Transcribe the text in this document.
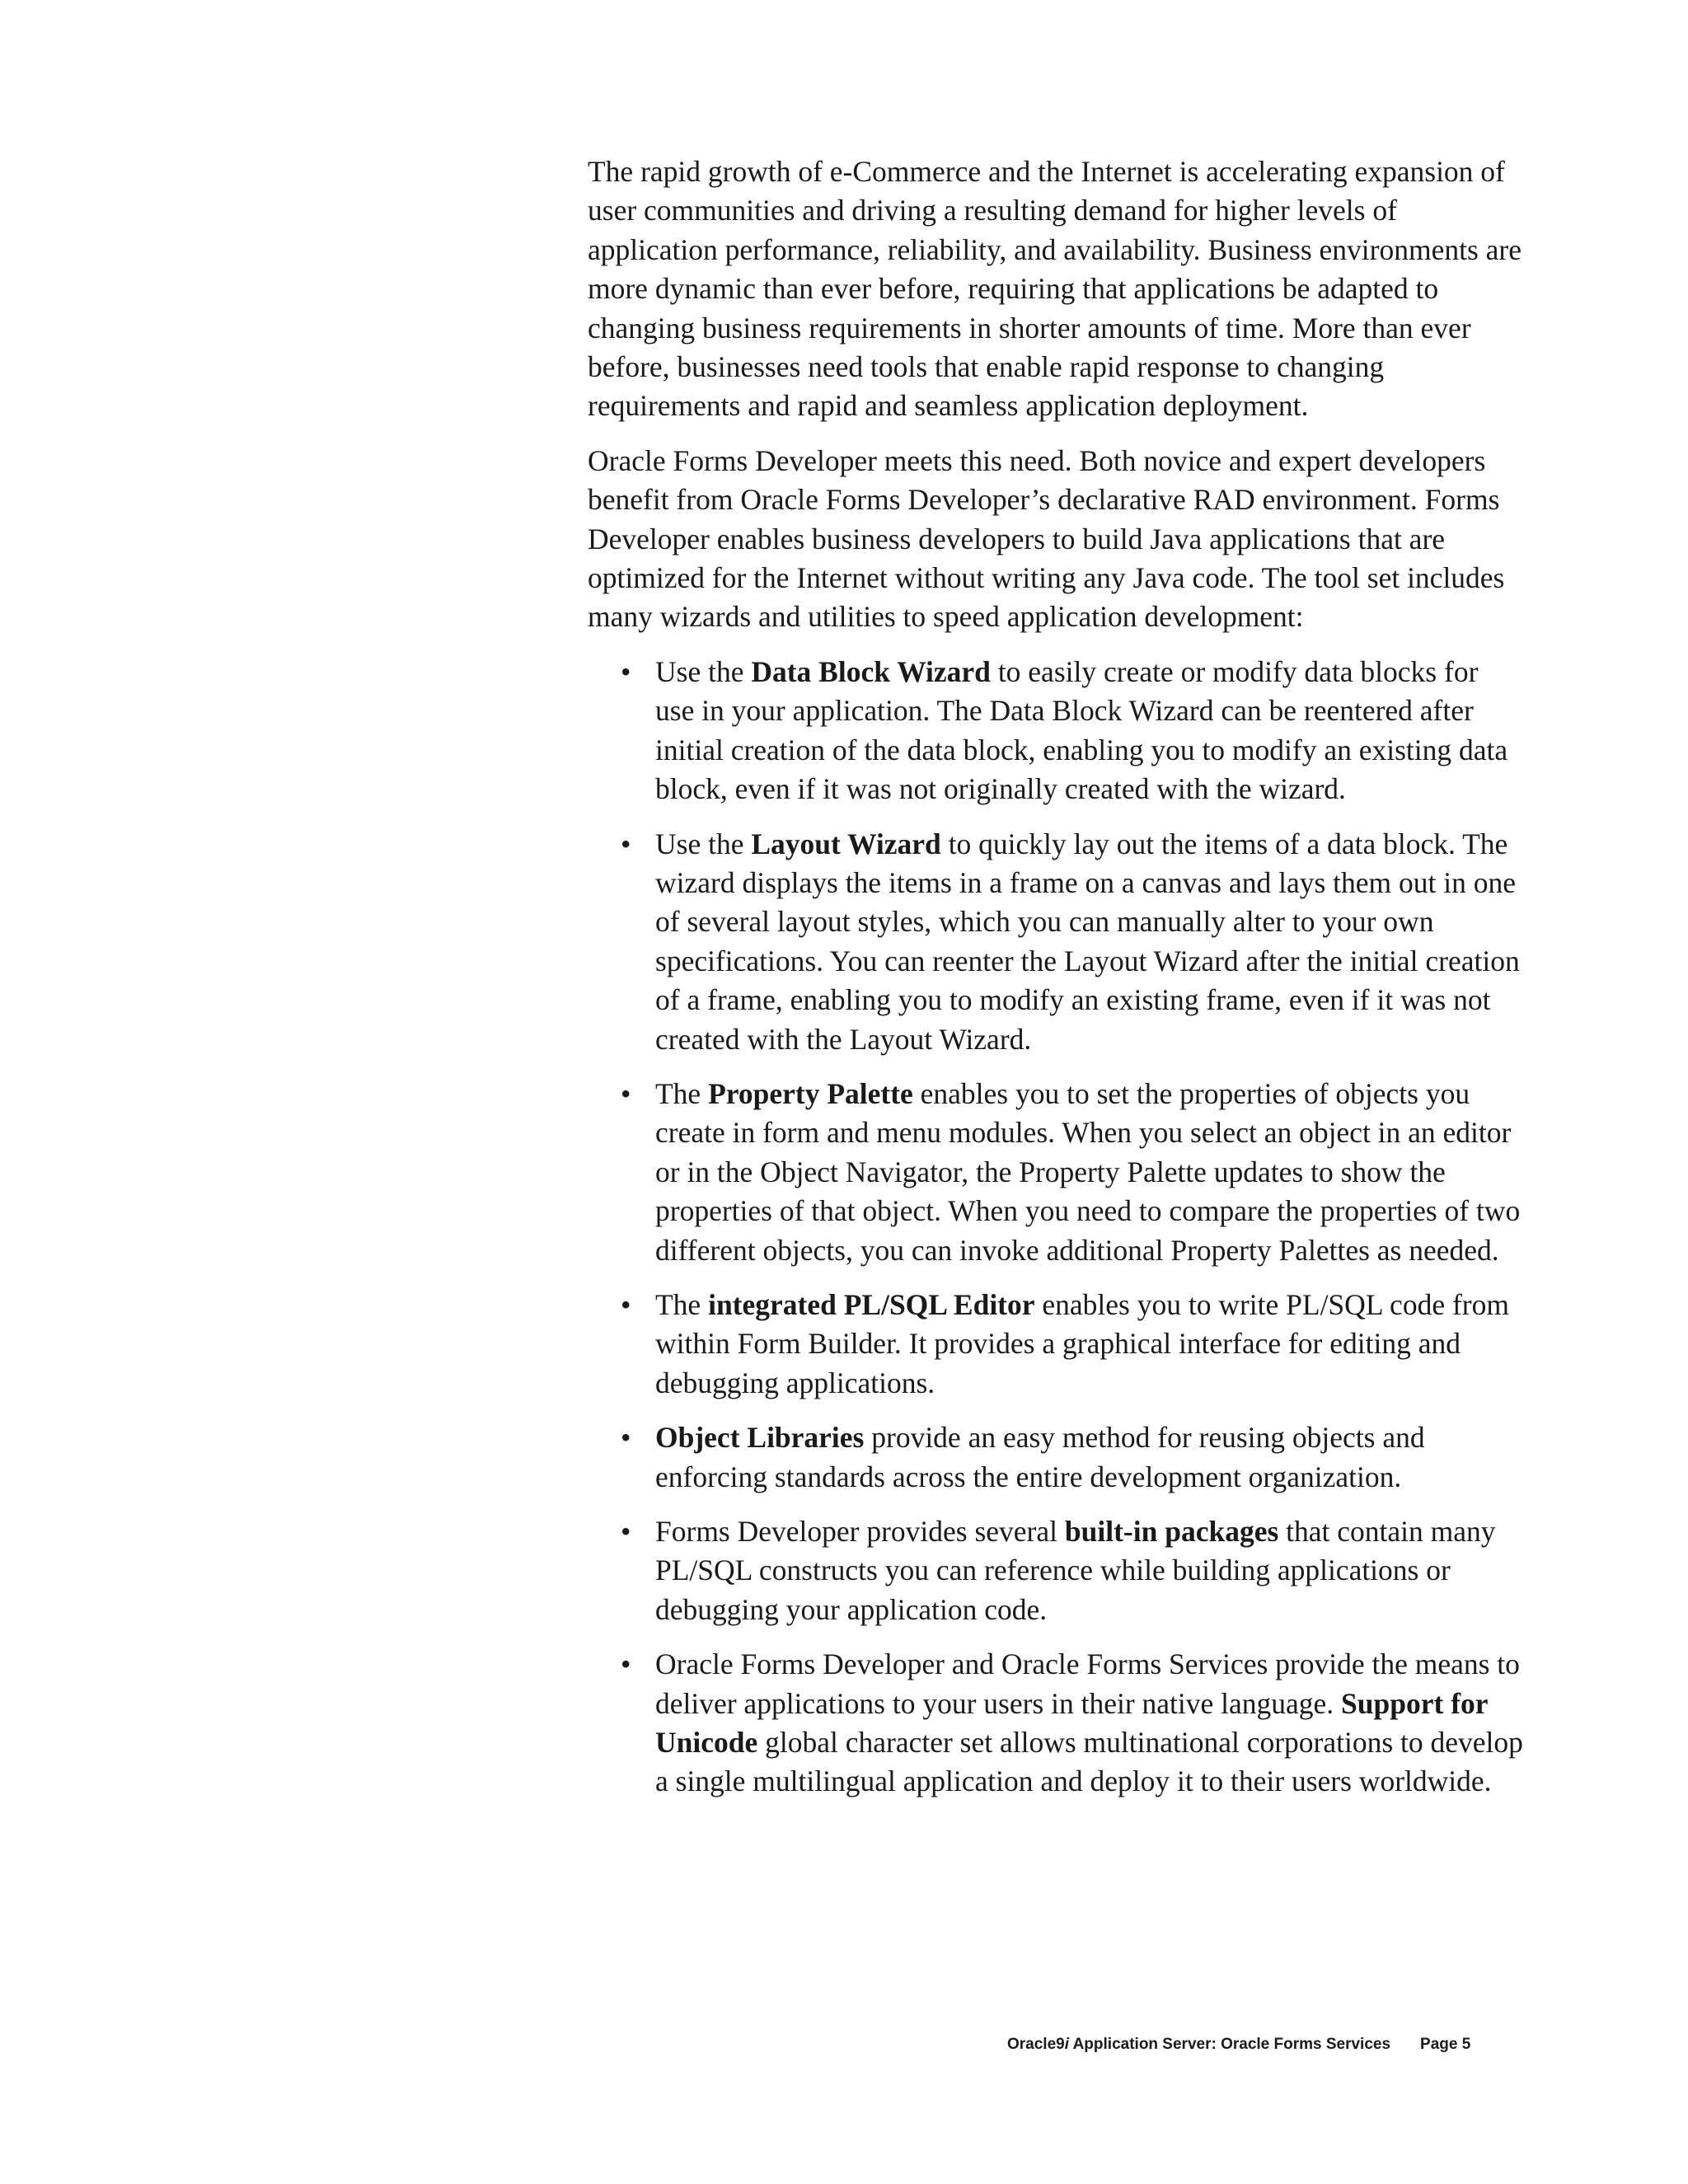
The rapid growth of e-Commerce and the Internet is accelerating expansion of user communities and driving a resulting demand for higher levels of application performance, reliability, and availability. Business environments are more dynamic than ever before, requiring that applications be adapted to changing business requirements in shorter amounts of time. More than ever before, businesses need tools that enable rapid response to changing requirements and rapid and seamless application deployment.

Oracle Forms Developer meets this need. Both novice and expert developers benefit from Oracle Forms Developer’s declarative RAD environment. Forms Developer enables business developers to build Java applications that are optimized for the Internet without writing any Java code. The tool set includes many wizards and utilities to speed application development:

• Use the Data Block Wizard to easily create or modify data blocks for use in your application. The Data Block Wizard can be reentered after initial creation of the data block, enabling you to modify an existing data block, even if it was not originally created with the wizard.
• Use the Layout Wizard to quickly lay out the items of a data block. The wizard displays the items in a frame on a canvas and lays them out in one of several layout styles, which you can manually alter to your own specifications. You can reenter the Layout Wizard after the initial creation of a frame, enabling you to modify an existing frame, even if it was not created with the Layout Wizard.
• The Property Palette enables you to set the properties of objects you create in form and menu modules. When you select an object in an editor or in the Object Navigator, the Property Palette updates to show the properties of that object. When you need to compare the properties of two different objects, you can invoke additional Property Palettes as needed.
• The integrated PL/SQL Editor enables you to write PL/SQL code from within Form Builder. It provides a graphical interface for editing and debugging applications.
• Object Libraries provide an easy method for reusing objects and enforcing standards across the entire development organization.
• Forms Developer provides several built-in packages that contain many PL/SQL constructs you can reference while building applications or debugging your application code.
• Oracle Forms Developer and Oracle Forms Services provide the means to deliver applications to your users in their native language. Support for Unicode global character set allows multinational corporations to develop a single multilingual application and deploy it to their users worldwide.
Oracle9i Application Server: Oracle Forms Services Page 5
